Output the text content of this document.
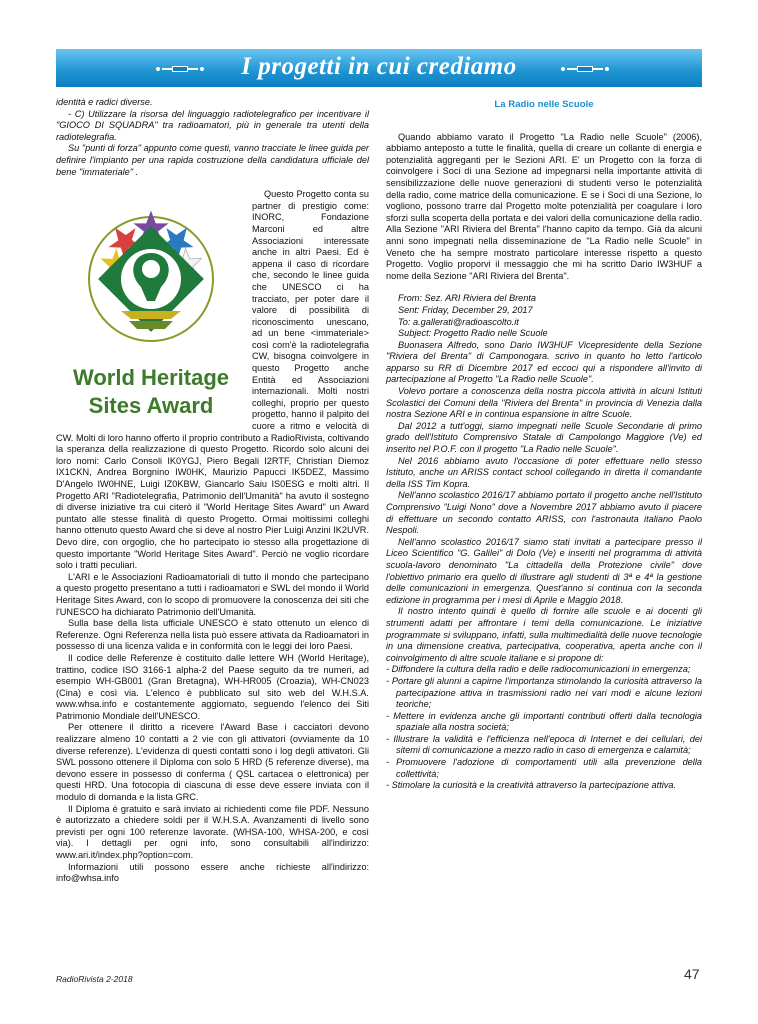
I progetti in cui crediamo

identità e radici diverse.

- C) Utilizzare la risorsa del linguaggio radiotelegrafico per incentivare il "GIOCO DI SQUADRA" tra radioamatori, più in generale tra utenti della radiotelegrafia.

Su "punti di forza" appunto come questi, vanno tracciate le linee guida per definire l'impianto per una rapida costruzione della candidatura ufficiale del bene "immateriale" .

World Heritage
Sites Award
Questo Progetto conta su partner di prestigio come: INORC, Fondazione Marconi ed altre Associazioni interessate anche in altri Paesi. Ed è appena il caso di ricordare che, secondo le linee guida che UNESCO ci ha tracciato, per poter dare il valore di possibilità di riconoscimento unescano, ad un bene <immateriale> così com'è la radiotelegrafia CW, bisogna coinvolgere in questo Progetto anche Entità ed Associazioni internazionali. Molti nostri colleghi, proprio per questo progetto, hanno il palpito del cuore a ritmo e velocità di CW. Molti di loro hanno offerto il proprio contributo a RadioRivista, coltivando la speranza della realizzazione di questo Progetto. Ricordo solo alcuni dei loro nomi: Carlo Consoli IK0YGJ, Piero Begali I2RTF, Christian Diemoz IX1CKN, Andrea Borgnino IW0HK, Maurizio Papucci IK5DEZ, Massimo D'Angelo IW0HNE, Luigi IZ0KBW, Giancarlo Saiu IS0ESG e molti altri. Il Progetto ARI "Radiotelegrafia, Patrimonio dell'Umanità" ha avuto il sostegno di diverse iniziative tra cui citerò il "World Heritage Sites Award" un Award puntato alle stesse finalità di questo Progetto. Ormai moltissimi colleghi hanno ottenuto questo Award che si deve al nostro Pier Luigi Anzini IK2UVR. Devo dire, con orgoglio, che ho partecipato io stesso alla progettazione di questo importante "World Heritage Sites Award". Perciò ne voglio ricordare solo i tratti peculiari.

L'ARI e le Associazioni Radioamatoriali di tutto il mondo che partecipano a questo progetto presentano a tutti i radioamatori e SWL del mondo il World Heritage Sites Award, con lo scopo di promuovere la conoscenza dei siti che l'UNESCO ha dichiarato Patrimonio dell'Umanità.

Sulla base della lista ufficiale UNESCO è stato ottenuto un elenco di Referenze. Ogni Referenza nella lista può essere attivata da Radioamatori in possesso di una licenza valida e in conformità con le leggi dei loro Paesi.

Il codice delle Referenze è costituito dalle lettere WH (World Heritage), trattino, codice ISO 3166-1 alpha-2 del Paese seguito da tre numeri, ad esempio WH-GB001 (Gran Bretagna), WH-HR005 (Croazia), WH-CN023 (Cina) e così via. L'elenco è pubblicato sul sito web del W.H.S.A. www.whsa.info e costantemente aggiornato, seguendo l'elenco dei Siti Patrimonio Mondiale dell'UNESCO.

Per ottenere il diritto a ricevere l'Award Base i cacciatori devono realizzare almeno 10 contatti a 2 vie con gli attivatori (ovviamente da 10 diverse referenze). L'evidenza di questi contatti sono i log degli attivatori. Gli SWL possono ottenere il Diploma con solo 5 HRD (5 referenze diverse), ma devono essere in possesso di conferma ( QSL cartacea o elettronica) per questi HRD. Una fotocopia di ciascuna di esse deve essere inviata con il modulo di domanda e la lista GRC.

Il Diploma è gratuito e sarà inviato ai richiedenti come file PDF. Nessuno è autorizzato a chiedere soldi per il W.H.S.A. Avanzamenti di livello sono previsti per ogni 100 referenze lavorate. (WHSA-100, WHSA-200, e così via). I dettagli per ogni info, sono consultabili all'indirizzo: www.ari.it/index.php?option=com.

Informazioni utili possono essere anche richieste all'indirizzo: info@whsa.info

La Radio nelle Scuole

Quando abbiamo varato il Progetto "La Radio nelle Scuole" (2006), abbiamo anteposto a tutte le finalità, quella di creare un collante di energia e potenzialità aggreganti per le Sezioni ARI. E' un Progetto con la forza di coinvolgere i Soci di una Sezione ad impegnarsi nella importante attività di sensibilizzazione delle nuove generazioni di studenti verso le potenzialità della radio, come matrice della comunicazione. E se i Soci di una Sezione, lo vogliono, possono trarre dal Progetto molte potenzialità per coagulare i loro sforzi sulla scoperta della portata e dei valori della comunicazione della radio. Alla Sezione "ARI Riviera del Brenta" l'hanno capito da tempo. Già da alcuni anni sono impegnati nella disseminazione de "La Radio nelle Scuole" in Veneto che ha sempre mostrato particolare interesse rispetto a questo Progetto. Voglio proporvi il messaggio che mi ha scritto Dario IW3HUF a nome della Sezione "ARI Riviera del Brenta".

From: Sez. ARI Riviera del Brenta

Sent: Friday, December 29, 2017

To: a.gallerati@radioascolto.it

Subject: Progetto Radio nelle Scuole

Buonasera Alfredo, sono Dario IW3HUF Vicepresidente della Sezione "Riviera del Brenta" di Camponogara. scrivo in quanto ho letto l'articolo apparso su RR di Dicembre 2017 ed eccoci qui a rispondere all'invito di partecipazione al Progetto "La Radio nelle Scuole".

Volevo portare a conoscenza della nostra piccola attività in alcuni Istituti Scolastici dei Comuni della "Riviera del Brenta" in provincia di Venezia dalla nostra Sezione ARI e in continua espansione in altre Scuole.

Dal 2012 a tutt'oggi, siamo impegnati nelle Scuole Secondarie di primo grado dell'Istituto Comprensivo Statale di Campolongo Maggiore (Ve) ed inserito nel P.O.F. con il progetto "La Radio nelle Scuole".

Nel 2016 abbiamo avuto l'occasione di poter effettuare nello stesso Istituto, anche un ARISS contact school collegando in diretta il comandante della ISS Tim Kopra.

Nell'anno scolastico 2016/17 abbiamo portato il progetto anche nell'Istituto Comprensivo "Luigi Nono" dove a Novembre 2017 abbiamo avuto il piacere di effettuare un secondo contatto ARISS, con l'astronauta italiano Paolo Nespoli.

Nell'anno scolastico 2016/17 siamo stati invitati a partecipare presso il Liceo Scientifico "G. Galilei" di Dolo (Ve) e inseriti nel programma di attività scuola-lavoro denominato "La cittadella della Protezione civile" dove l'obiettivo primario era quello di illustrare agli studenti di 3ª e 4ª la gestione delle comunicazioni in emergenza. Quest'anno si continua con la seconda edizione in programma per i mesi di Aprile e Maggio 2018.

Il nostro intento quindi è quello di fornire alle scuole e ai docenti gli strumenti adatti per affrontare i temi della comunicazione. Le iniziative programmate si sviluppano, infatti, sulla multimedialità delle nuove tecnologie in una dimensione creativa, partecipativa, cooperativa, aperta anche con il coinvolgimento di altre scuole italiane e si propone di:

- Diffondere la cultura della radio e delle radiocomunicazioni in emergenza;

- Portare gli alunni a capirne l'importanza stimolando la curiosità attraverso la partecipazione attiva in trasmissioni radio nei vari modi e alcune lezioni teoriche;

- Mettere in evidenza anche gli importanti contributi offerti dalla tecnologia spaziale alla nostra società;

- Illustrare la validità e l'efficienza nell'epoca di Internet e dei cellulari, dei sitemi di comunicazione a mezzo radio in caso di emergenza e calamità;

- Promuovere l'adozione di comportamenti utili alla prevenzione della collettività;

- Stimolare la curiosità e la creatività attraverso la partecipazione attiva.

RadioRivista 2-2018	47
